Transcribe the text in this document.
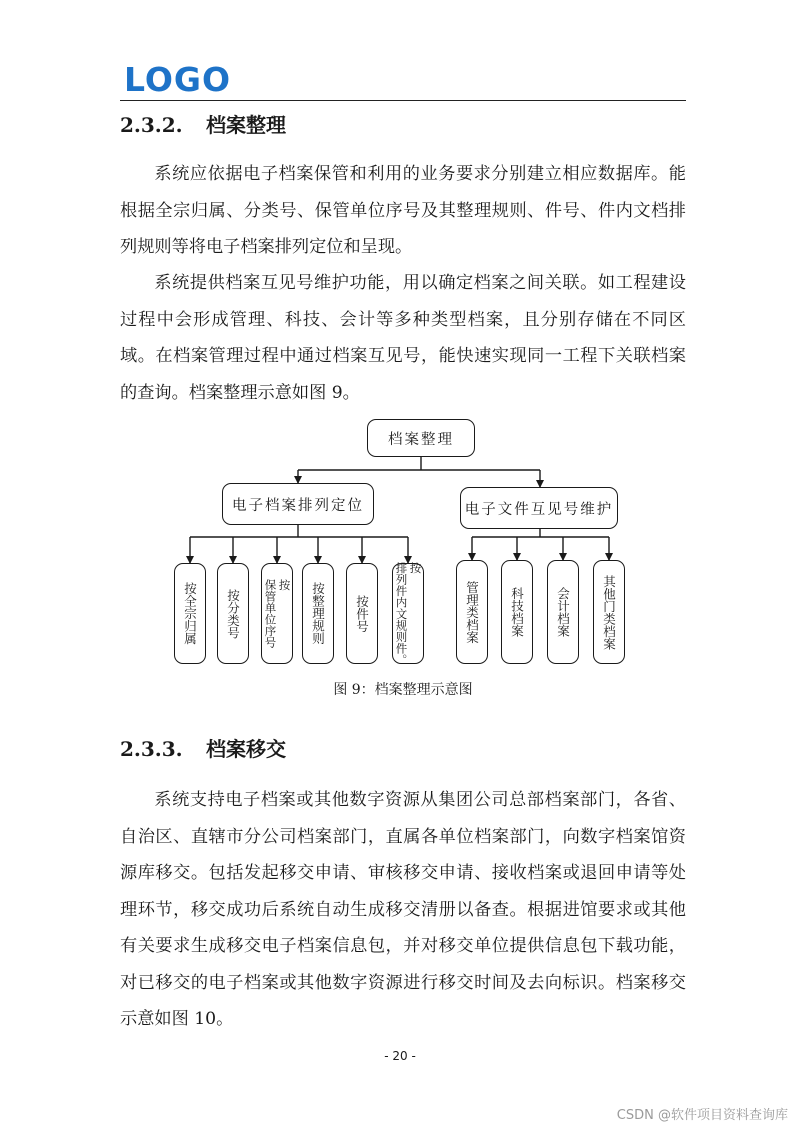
LOGO
2.3.2. 档案整理

系统应依据电子档案保管和利用的业务要求分别建立相应数据库。能根据全宗归属、分类号、保管单位序号及其整理规则、件号、件内文档排列规则等将电子档案排列定位和呈现。

系统提供档案互见号维护功能，用以确定档案之间关联。如工程建设过程中会形成管理、科技、会计等多种类型档案，且分别存储在不同区域。在档案管理过程中通过档案互见号，能快速实现同一工程下关联档案的查询。档案整理示意如图 9。

档案整理
电子档案排列定位	电子文件互见号维护
按全宗归属 按分类号
按
保管单位序号	按整理规则 按件号
按
排列件内文规则件。	管理类档案 科技档案 会计档案 其他门类档案
图 9：档案整理示意图
2.3.3. 档案移交

系统支持电子档案或其他数字资源从集团公司总部档案部门，各省、自治区、直辖市分公司档案部门，直属各单位档案部门，向数字档案馆资源库移交。包括发起移交申请、审核移交申请、接收档案或退回申请等处理环节，移交成功后系统自动生成移交清册以备查。根据进馆要求或其他有关要求生成移交电子档案信息包，并对移交单位提供信息包下载功能，对已移交的电子档案或其他数字资源进行移交时间及去向标识。档案移交示意如图 10。

- 20 -
CSDN @软件项目资料查询库
